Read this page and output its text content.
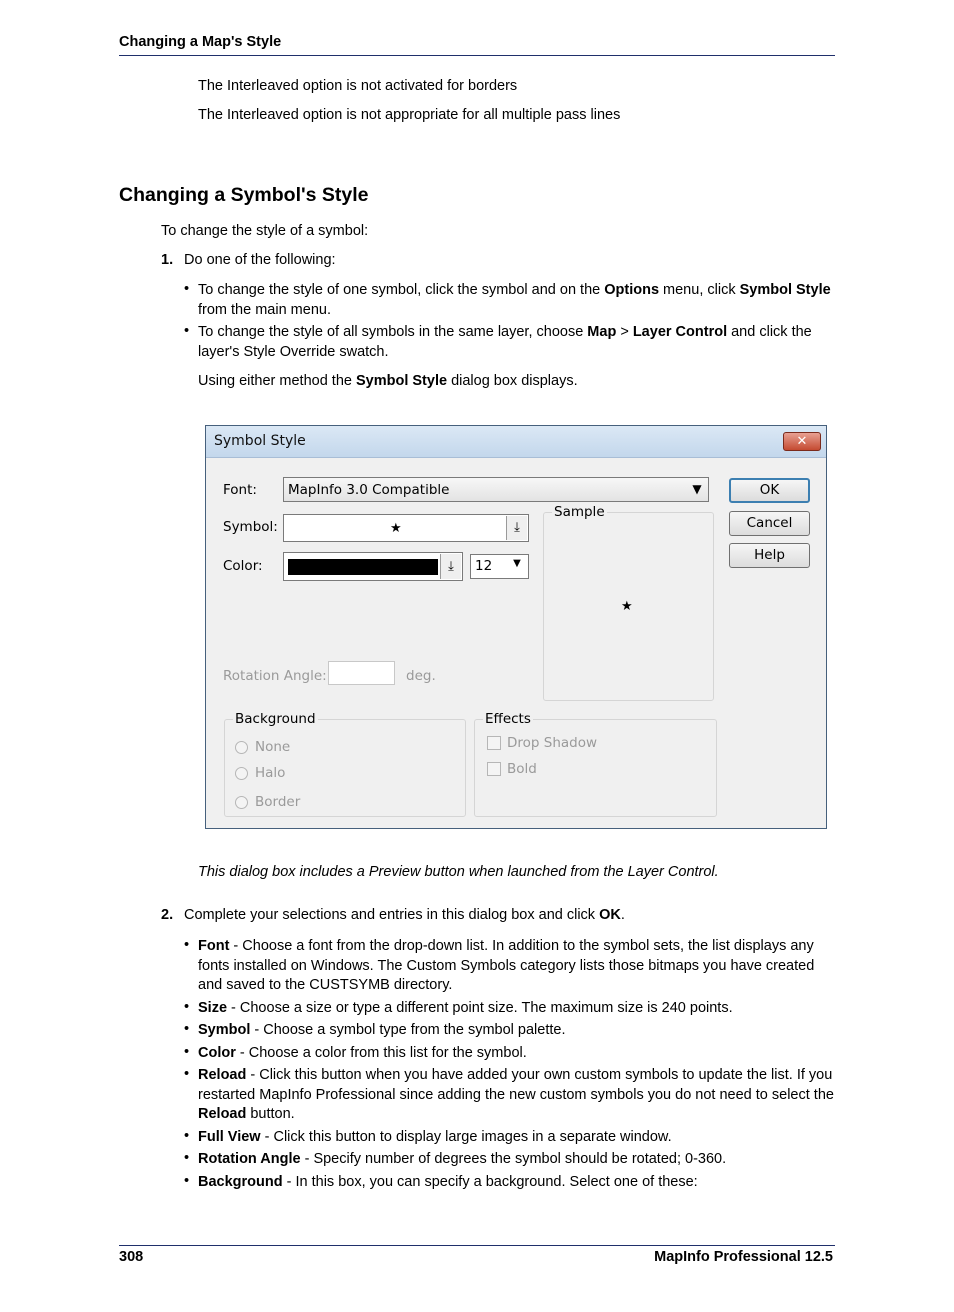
Changing a Map's Style
The Interleaved option is not activated for borders
The Interleaved option is not appropriate for all multiple pass lines
Changing a Symbol's Style
To change the style of a symbol:
1. Do one of the following:
• To change the style of one symbol, click the symbol and on the Options menu, click Symbol Style from the main menu.
• To change the style of all symbols in the same layer, choose Map > Layer Control and click the layer's Style Override swatch.
Using either method the Symbol Style dialog box displays.
Symbol Style	✕
Font: MapInfo 3.0 Compatible	▼
Symbol:	★	⤓
Color:	⤓	12	▼
Sample
★
OK
Cancel
Help
Rotation Angle:	deg.
Background
None
Halo
Border
Effects
Drop Shadow
Bold
This dialog box includes a Preview button when launched from the Layer Control.
2. Complete your selections and entries in this dialog box and click OK.
• Font - Choose a font from the drop-down list. In addition to the symbol sets, the list displays any fonts installed on Windows. The Custom Symbols category lists those bitmaps you have created and saved to the CUSTSYMB directory.
• Size - Choose a size or type a different point size. The maximum size is 240 points.
• Symbol - Choose a symbol type from the symbol palette.
• Color - Choose a color from this list for the symbol.
• Reload - Click this button when you have added your own custom symbols to update the list. If you restarted MapInfo Professional since adding the new custom symbols you do not need to select the Reload button.
• Full View - Click this button to display large images in a separate window.
• Rotation Angle - Specify number of degrees the symbol should be rotated; 0-360.
• Background - In this box, you can specify a background. Select one of these:
308	MapInfo Professional 12.5
